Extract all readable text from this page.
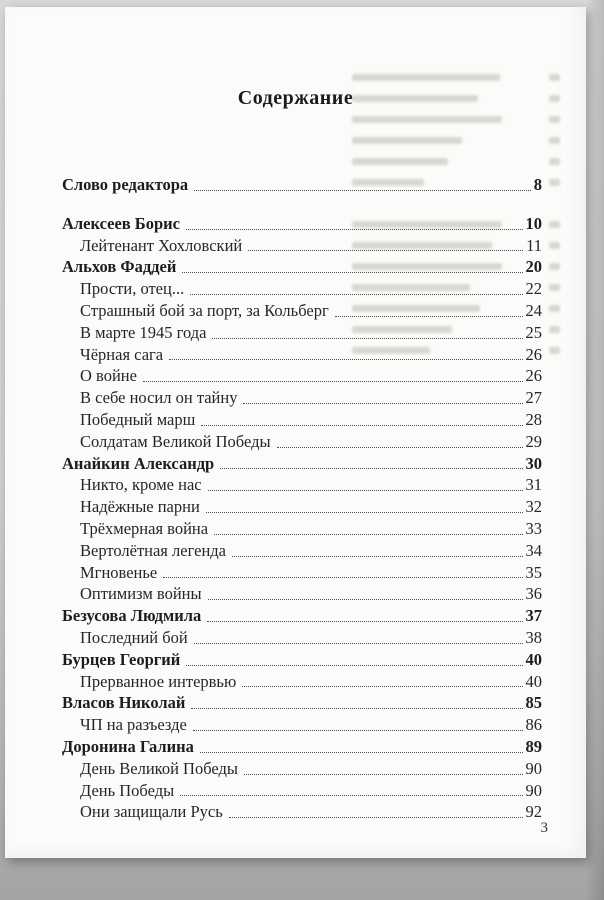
Содержание
Слово редактора	8
Алексеев Борис	10
Лейтенант Хохловский	11
Альхов Фаддей	20
Прости, отец...	22
Страшный бой за порт, за Кольберг	24
В марте 1945 года	25
Чёрная сага	26
О войне	26
В себе носил он тайну	27
Победный марш	28
Солдатам Великой Победы	29
Анайкин Александр	30
Никто, кроме нас	31
Надёжные парни	32
Трёхмерная война	33
Вертолётная легенда	34
Мгновенье	35
Оптимизм войны	36
Безусова Людмила	37
Последний бой	38
Бурцев Георгий	40
Прерванное интервью	40
Власов Николай	85
ЧП на разъезде	86
Доронина Галина	89
День Великой Победы	90
День Победы	90
Они защищали Русь	92
3
